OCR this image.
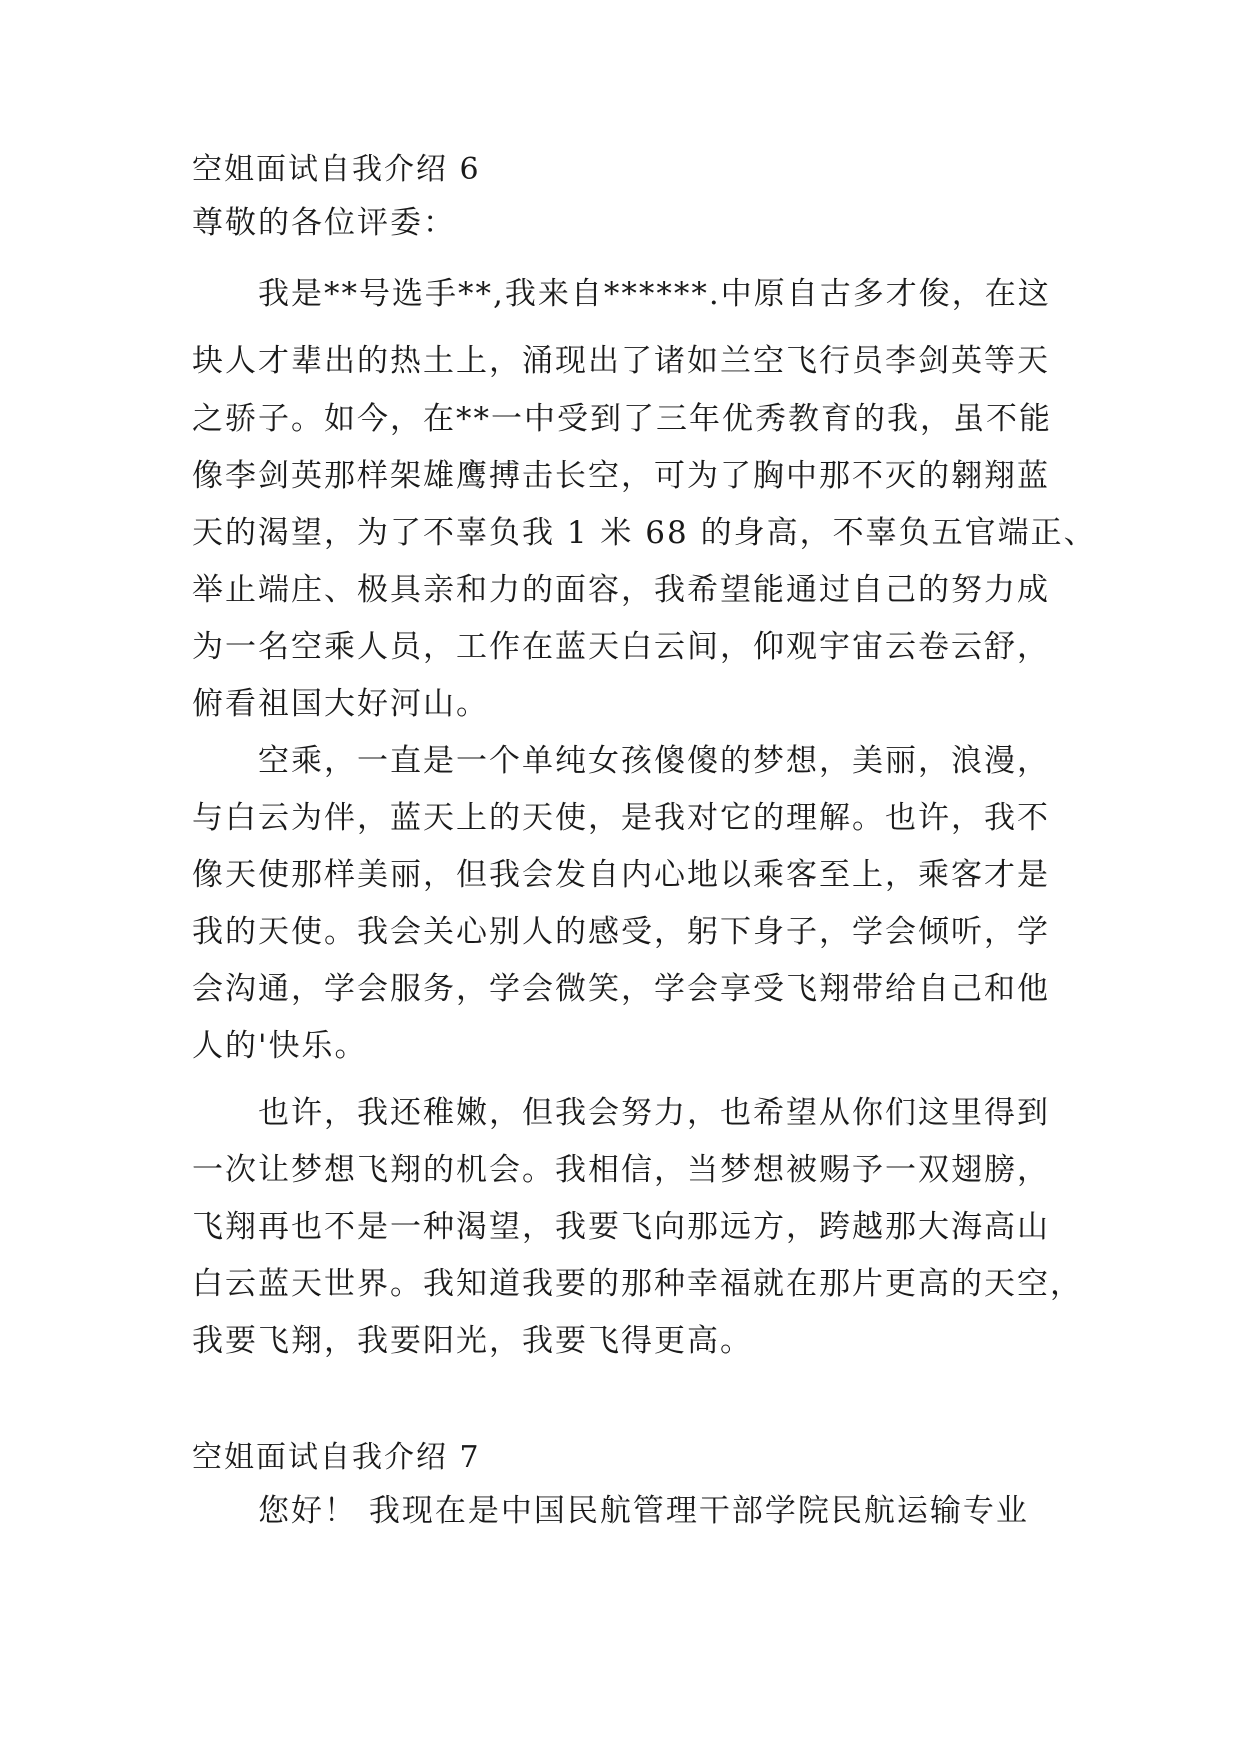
空姐面试自我介绍 6
尊敬的各位评委：
我是**号选手**,我来自******.中原自古多才俊，在这
块人才辈出的热土上，涌现出了诸如兰空飞行员李剑英等天
之骄子。如今，在**一中受到了三年优秀教育的我，虽不能
像李剑英那样架雄鹰搏击长空，可为了胸中那不灭的翱翔蓝
天的渴望，为了不辜负我 1 米 68 的身高，不辜负五官端正、
举止端庄、极具亲和力的面容，我希望能通过自己的努力成
为一名空乘人员，工作在蓝天白云间，仰观宇宙云卷云舒，
俯看祖国大好河山。
空乘，一直是一个单纯女孩傻傻的梦想，美丽，浪漫，
与白云为伴，蓝天上的天使，是我对它的理解。也许，我不
像天使那样美丽，但我会发自内心地以乘客至上，乘客才是
我的天使。我会关心别人的感受，躬下身子，学会倾听，学
会沟通，学会服务，学会微笑，学会享受飞翔带给自己和他
人的'快乐。
也许，我还稚嫩，但我会努力，也希望从你们这里得到
一次让梦想飞翔的机会。我相信，当梦想被赐予一双翅膀，
飞翔再也不是一种渴望，我要飞向那远方，跨越那大海高山
白云蓝天世界。我知道我要的那种幸福就在那片更高的天空，
我要飞翔，我要阳光，我要飞得更高。
空姐面试自我介绍 7
您好！ 我现在是中国民航管理干部学院民航运输专业
